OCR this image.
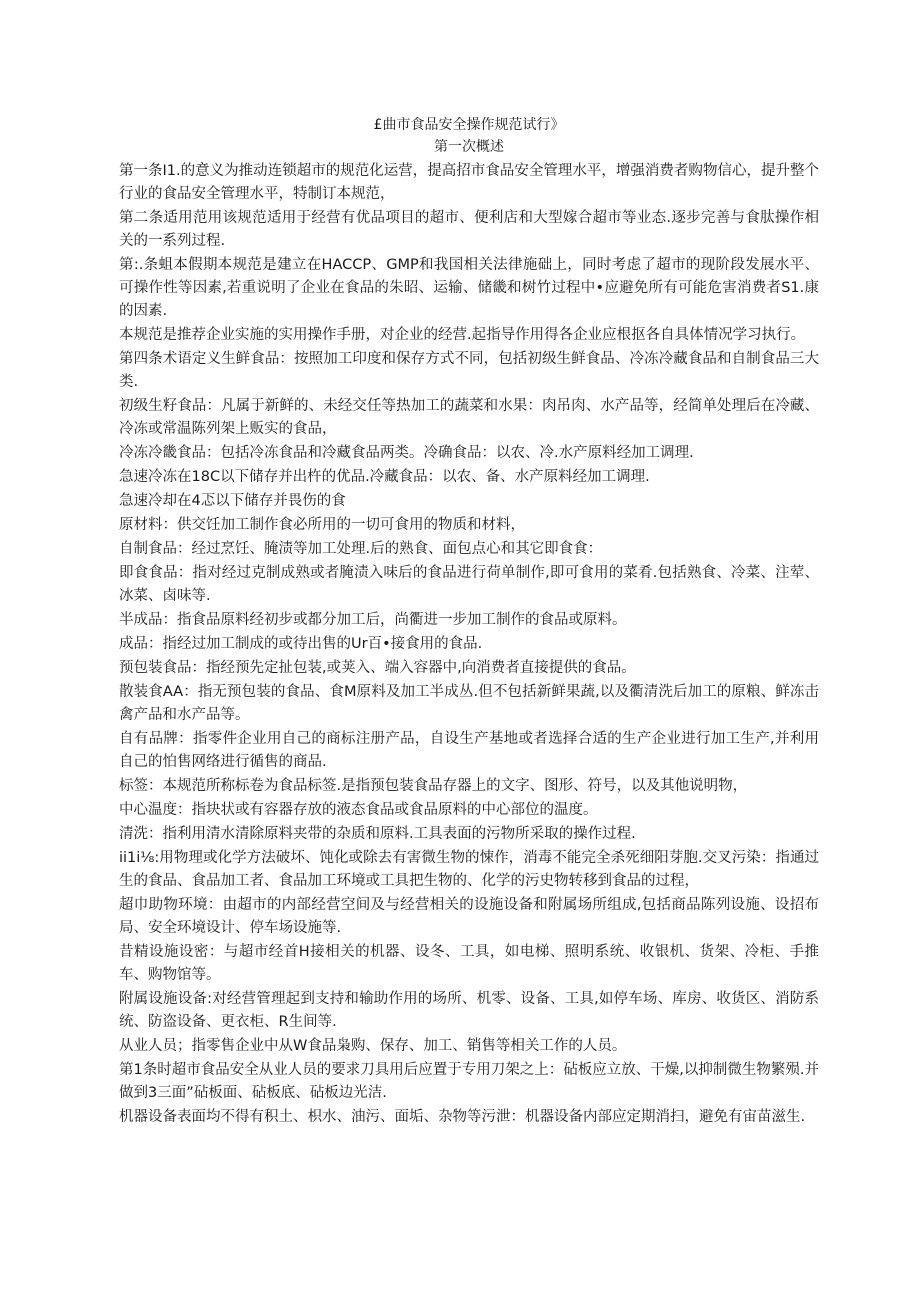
£曲市食品安全操作规范试行》

第一次概述

第一条I1.的意义为推动连锁超市的规范化运营，提高招市食品安全管理水平，增强消费者购物信心，提升整个行业的食品安全管理水平，特制订本规范，

第二条适用范用该规范适用于经营有优品项目的超市、便利店和大型嫁合超市等业态.逐步完善与食肽操作相关的一系列过程.

第:.条蛆本假期本规范是建立在HACCP、GMP和我国相关法律施础上，同时考虑了超市的现阶段发展水平、可操作性等因素,若重说明了企业在食品的朱昭、运输、储畿和树竹过程中•应避免所有可能危害消费者S1.康的因素.

本规范是推荐企业实施的实用操作手册，对企业的经营.起指导作用得各企业应根抠各自具体情况学习执行。

第四条术语定义生鲜食品：按照加工印度和保存方式不同，包括初级生鲜食品、冷冻冷藏食品和自制食品三大类.

初级生籽食品：凡属于新鲜的、未经交任等热加工的蔬菜和水果：肉吊肉、水产品等，经简单处理后在冷藏、冷冻或常温陈列架上贩实的食品，

冷冻冷畿食品：包括冷冻食品和冷藏食品两类。冷确食品：以农、冷.水产原料经加工调理.

急速冷冻在18C以下储存并出杵的优品.冷藏食品：以农、备、水产原料经加工调理.

急速冷却在4忑以下储存并畏伤的食

原材料：供交饪加工制作食必所用的一切可食用的物质和材料，

自制食品：经过烹饪、腌渍等加工处理.后的熟食、面包点心和其它即食食：

即食食品：指对经过克制成熟或者腌渍入味后的食品进行荷单制作,即可食用的菜肴.包括熟食、冷菜、注荤、冰菜、卤味等.

半成品：指食品原料经初步或都分加工后，尚衢进一步加工制作的食品或原料。

成品：指经过加工制成的或待出售的Ur百•接食用的食品.

预包装食品：指经预先定扯包装,或荚入、端入容器中,向消费者直接提供的食品。

散装食AA：指无预包装的食品、食M原料及加工半成丛.但不包括新鲜果蔬,以及衢清洗后加工的原粮、鲜冻击禽产品和水产品等。

自有品牌：指零件企业用自己的商标注册产品，自设生产基地或者选择合适的生产企业进行加工生产,并利用自己的怕售网络进行循售的商品.

标签：本规范所称标卷为食品标签.是指预包装食品存器上的文字、图形、符号，以及其他说明物，

中心温度：指块状或有容器存放的液态食品或食品原料的中心部位的温度。

清洗：指利用清水清除原料夹带的杂质和原料.工具表面的污物所采取的操作过程.

ii1i⅛:用物理或化学方法破坏、饨化或除去有害微生物的悚作，消毒不能完全杀死细阳芽胞.交叉污染：指通过生的食品、食品加工者、食品加工环境或工具把生物的、化学的污史物转移到食品的过程，

超巾助物环境：由超市的内部经营空间及与经营相关的设施设备和附属场所组成,包括商品陈列设施、设招布局、安全环境设计、停车场设施等.

昔精设施设密：与超市经首H接相关的机器、设冬、工具，如电梯、照明系统、收银机、货架、冷柜、手推车、购物馆等。

附属设施设备:对经营管理起到支持和输助作用的场所、机零、设备、工具,如停车场、库房、收货区、消防系统、防盗设备、更衣柜、R生间等.

从业人员；指零售企业中从W食品枭购、保存、加工、销售等相关工作的人员。

第1条时超市食品安全从业人员的要求刀具用后应置于专用刀架之上：砧板应立放、干燥,以抑制微生物繁殒.并做到3三面”砧板面、砧板底、砧板边光洁.

机器设备表面均不得有积土、枳水、油污、面垢、杂物等污泄：机器设备内部应定期消扫，避免有宙苗滋生.
